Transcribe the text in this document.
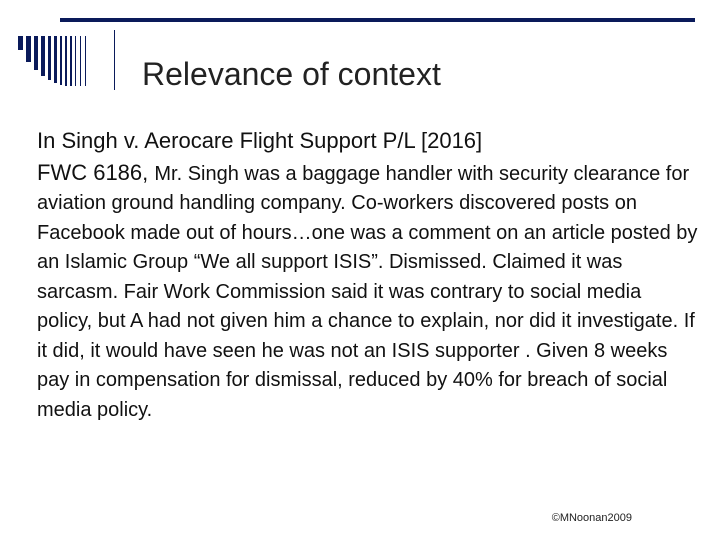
Relevance of context
In Singh v. Aerocare Flight Support P/L [2016]
FWC 6186, Mr. Singh was a baggage handler with security clearance for aviation ground handling company. Co-workers discovered posts on Facebook made out of hours…one was a comment on an article posted by an Islamic Group “We all support ISIS”. Dismissed. Claimed it was sarcasm. Fair Work Commission said it was contrary to social media policy, but A had not given him a chance to explain, nor did it investigate. If it did, it would have seen he was not an ISIS supporter . Given 8 weeks pay in compensation for dismissal, reduced by 40% for breach of social media policy.
©MNoonan2009
